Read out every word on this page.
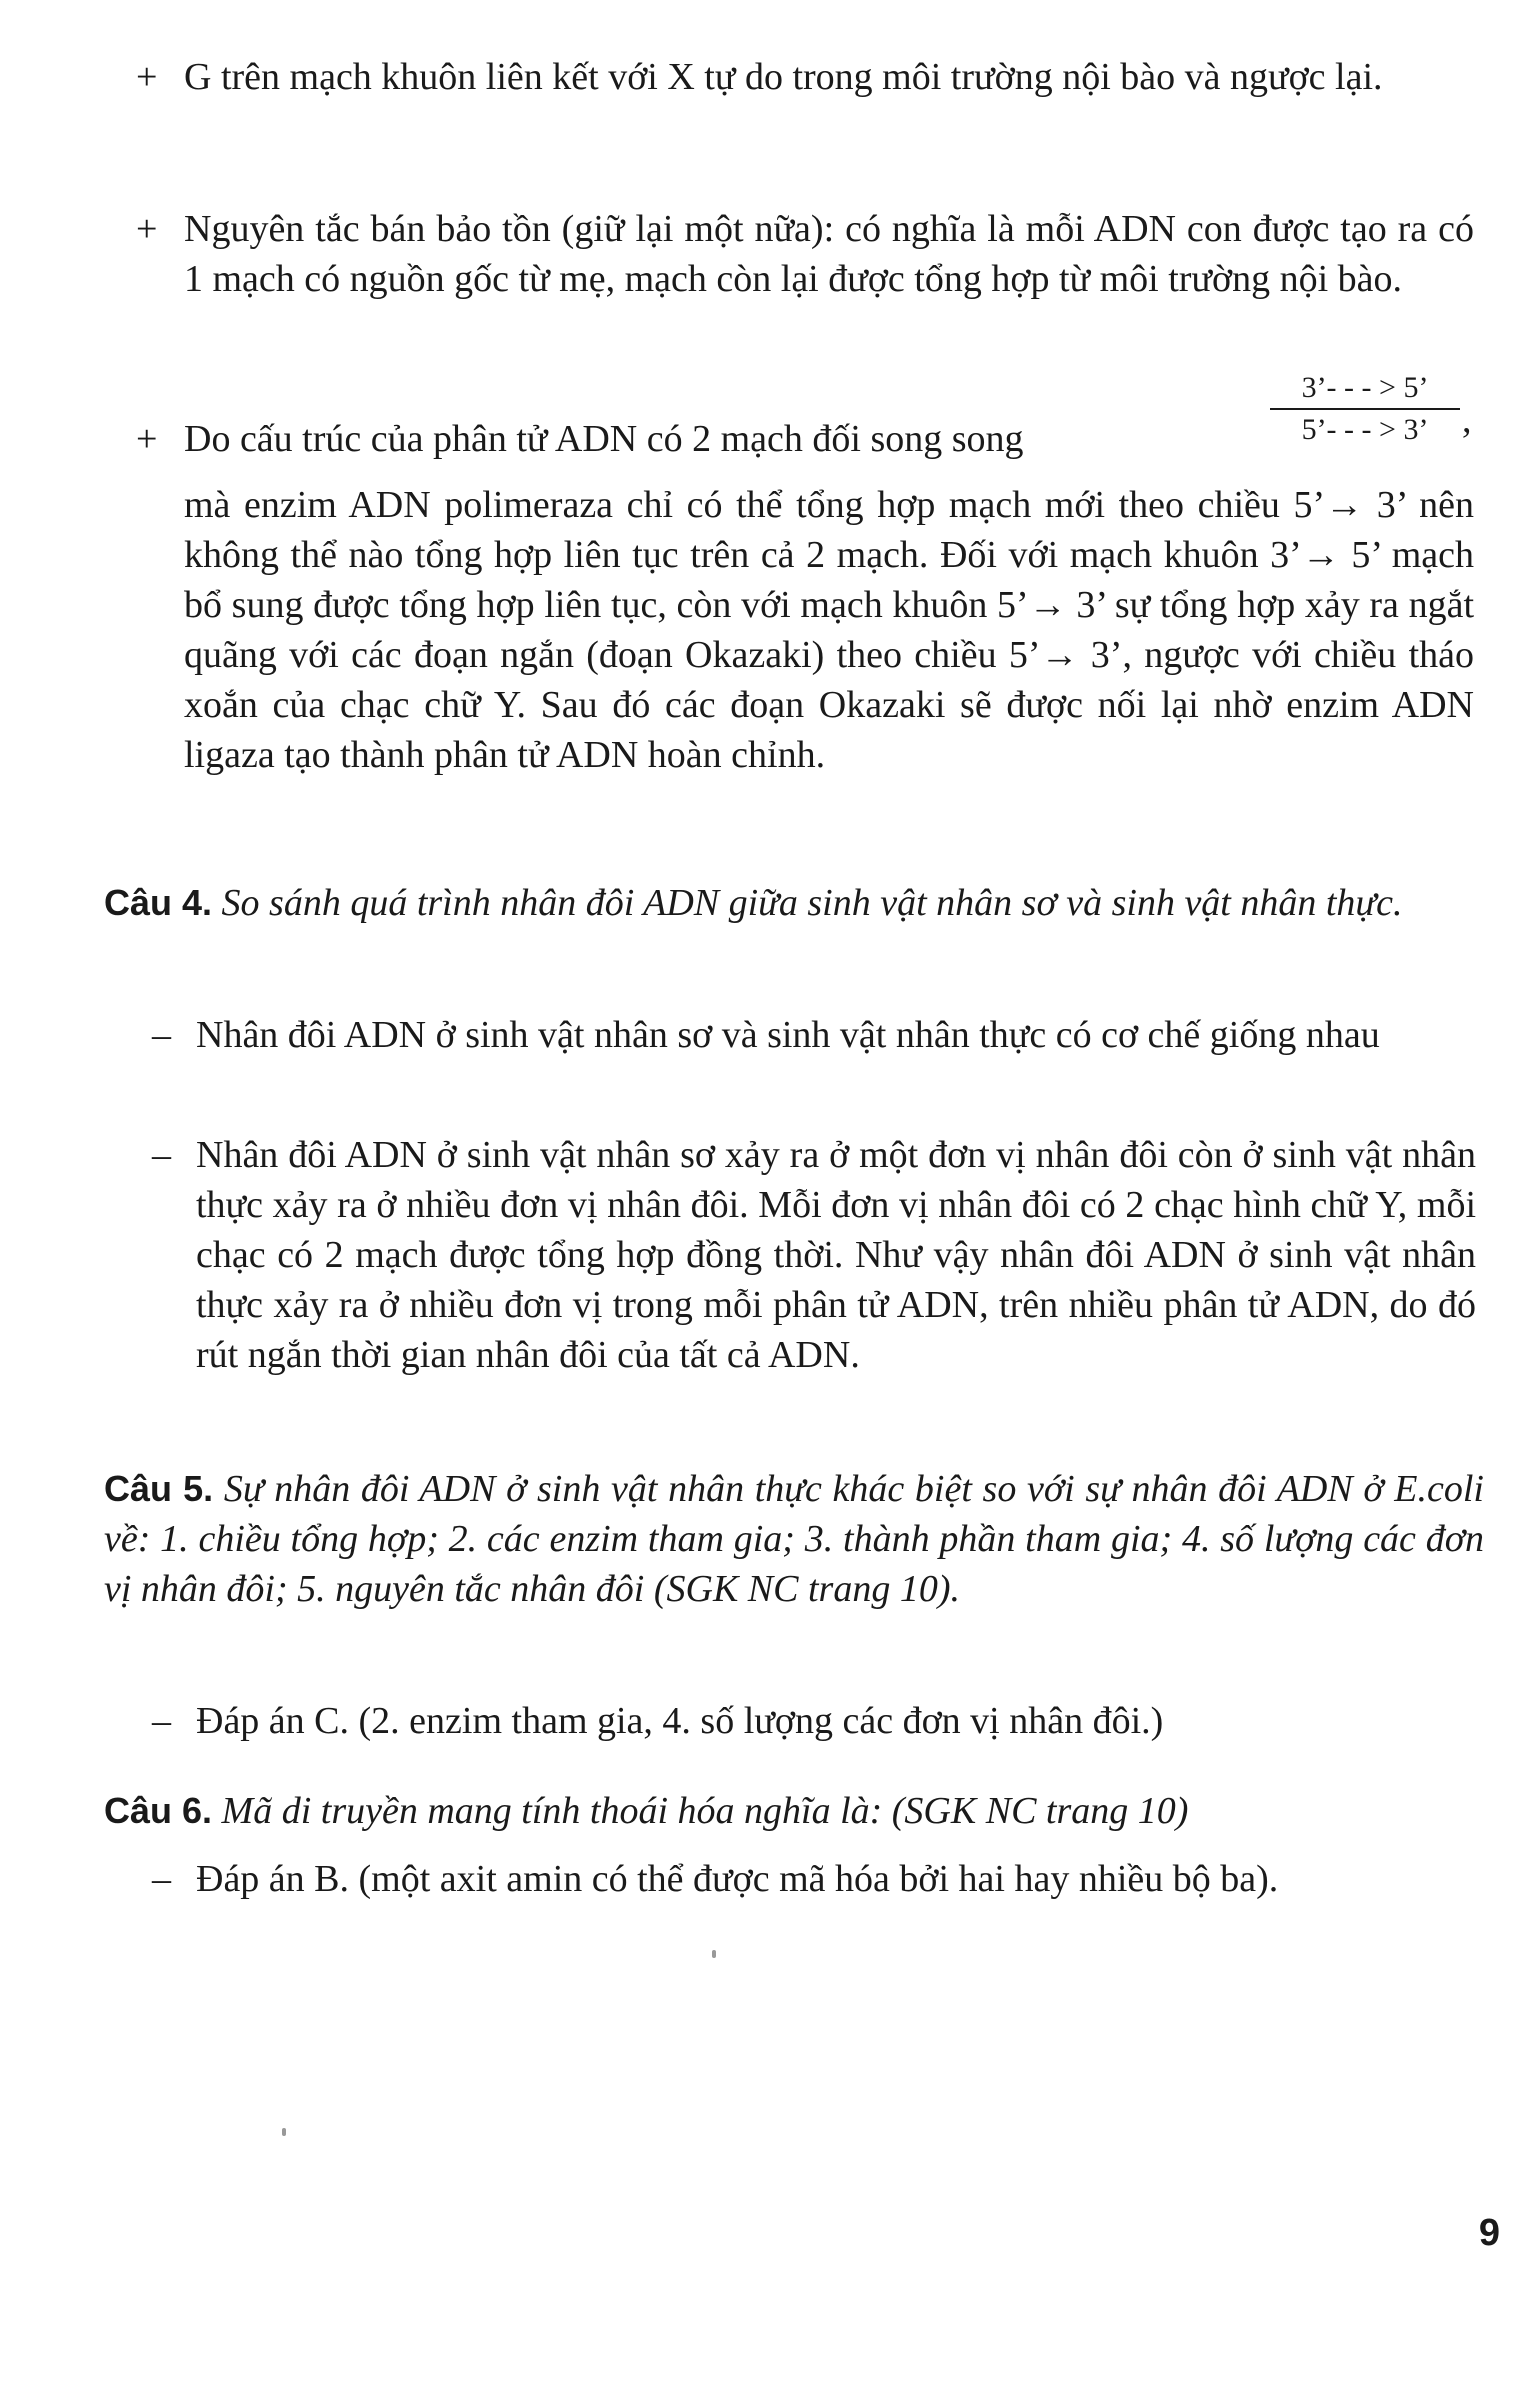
+ G trên mạch khuôn liên kết với X tự do trong môi trường nội bào và ngược lại.
+ Nguyên tắc bán bảo tồn (giữ lại một nữa): có nghĩa là mỗi ADN con được tạo ra có 1 mạch có nguồn gốc từ mẹ, mạch còn lại được tổng hợp từ môi trường nội bào.
+ Do cấu trúc của phân tử ADN có 2 mạch đối song song	$\frac{3’- - - > 5’}{5’- - - > 3’}$ ,
mà enzim ADN polimeraza chỉ có thể tổng hợp mạch mới theo chiều 5’→ 3’ nên không thể nào tổng hợp liên tục trên cả 2 mạch. Đối với mạch khuôn 3’→ 5’ mạch bổ sung được tổng hợp liên tục, còn với mạch khuôn 5’→ 3’ sự tổng hợp xảy ra ngắt quãng với các đoạn ngắn (đoạn Okazaki) theo chiều 5’→ 3’, ngược với chiều tháo xoắn của chạc chữ Y. Sau đó các đoạn Okazaki sẽ được nối lại nhờ enzim ADN ligaza tạo thành phân tử ADN hoàn chỉnh.
Câu 4. So sánh quá trình nhân đôi ADN giữa sinh vật nhân sơ và sinh vật nhân thực.
– Nhân đôi ADN ở sinh vật nhân sơ và sinh vật nhân thực có cơ chế giống nhau
– Nhân đôi ADN ở sinh vật nhân sơ xảy ra ở một đơn vị nhân đôi còn ở sinh vật nhân thực xảy ra ở nhiều đơn vị nhân đôi. Mỗi đơn vị nhân đôi có 2 chạc hình chữ Y, mỗi chạc có 2 mạch được tổng hợp đồng thời. Như vậy nhân đôi ADN ở sinh vật nhân thực xảy ra ở nhiều đơn vị trong mỗi phân tử ADN, trên nhiều phân tử ADN, do đó rút ngắn thời gian nhân đôi của tất cả ADN.
Câu 5. Sự nhân đôi ADN ở sinh vật nhân thực khác biệt so với sự nhân đôi ADN ở E.coli về: 1. chiều tổng hợp; 2. các enzim tham gia; 3. thành phần tham gia; 4. số lượng các đơn vị nhân đôi; 5. nguyên tắc nhân đôi (SGK NC trang 10).
– Đáp án C. (2. enzim tham gia, 4. số lượng các đơn vị nhân đôi.)
Câu 6. Mã di truyền mang tính thoái hóa nghĩa là: (SGK NC trang 10)
– Đáp án B. (một axit amin có thể được mã hóa bởi hai hay nhiều bộ ba).
9
